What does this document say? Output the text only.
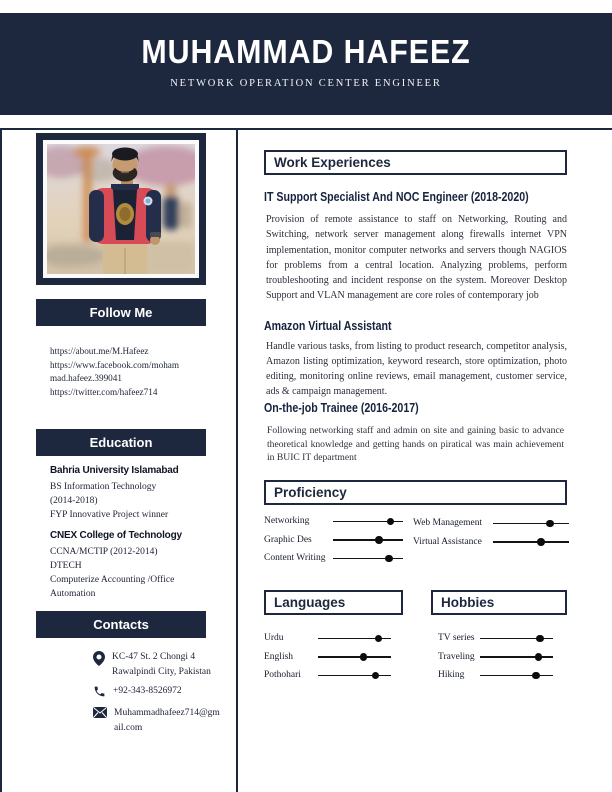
MUHAMMAD HAFEEZ
NETWORK OPERATION CENTER ENGINEER
Follow Me
https://about.me/M.Hafeez
https://www.facebook.com/mohammad.hafeez.399041
https://twitter.com/hafeez714
Education
Bahria University Islamabad
BS Information Technology
(2014-2018)
FYP Innovative Project winner
CNEX College of Technology
CCNA/MCTIP (2012-2014)
DTECH
Computerize Accounting /Office Automation
Contacts
KC-47 St. 2 Chongi 4
Rawalpindi City, Pakistan
+92-343-8526972
Muhammadhafeez714@gmail.com
Work Experiences
IT Support Specialist And NOC Engineer (2018-2020)
Provision of remote assistance to staff on Networking, Routing and Switching, network server management along firewalls internet VPN implementation, monitor computer networks and servers though NAGIOS for problems from a central location. Analyzing problems, perform troubleshooting and incident response on the system. Moreover Desktop Support and VLAN management are core roles of contemporary job
Amazon Virtual Assistant
Handle various tasks, from listing to product research, competitor analysis, Amazon listing optimization, keyword research, store optimization, photo editing, monitoring online reviews, email management, customer service, ads & campaign management.
On-the-job Trainee (2016-2017)
Following networking staff and admin on site and gaining basic to advance theoretical knowledge and getting hands on piratical was main achievement in BUIC IT department
Proficiency
Networking
Graphic Des
Content Writing
Web Management
Virtual Assistance
Languages	Hobbies
Urdu
English
Pothohari
TV series
Traveling
Hiking
